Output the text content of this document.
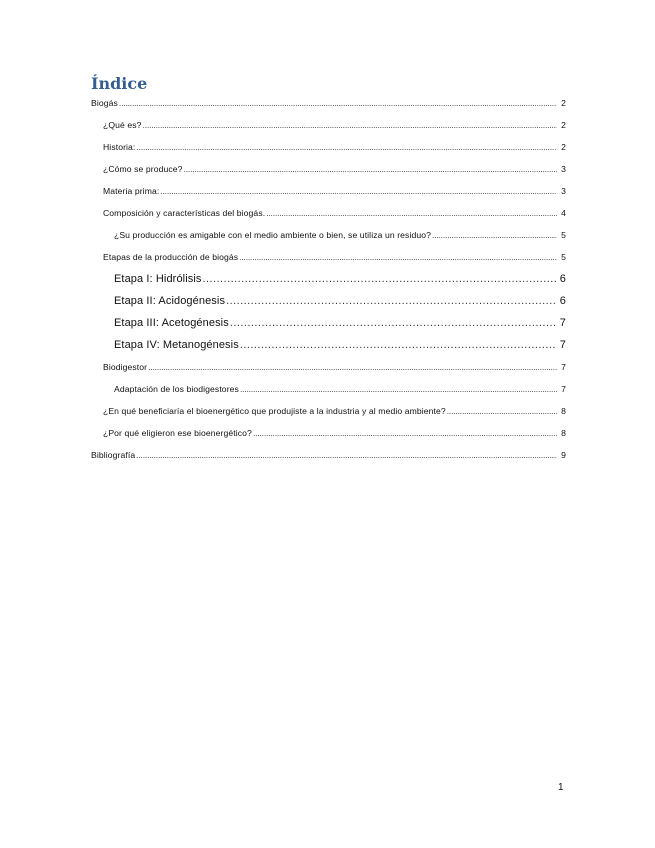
Índice
Biogás . . .	2
¿Qué es? . . .	2
Historia: . . .	2
¿Cómo se produce? . . .	3
Materia prima: . . .	3
Composición y características del biogás. . . .	4
¿Su producción es amigable con el medio ambiente o bien, se utiliza un residuo? . . .	5
Etapas de la producción de biogás . . .	5
Etapa I: Hidrólisis . . .	6
Etapa II: Acidogénesis . . .	6
Etapa III: Acetogénesis . . .	7
Etapa IV: Metanogénesis . . .	7
Biodigestor . . .	7
Adaptación de los biodigestores . . .	7
¿En qué beneficiaría el bioenergético que produjiste a la industria y al medio ambiente? . . .	8
¿Por qué eligieron ese bioenergético? . . .	8
Bibliografía . . .	9
1
